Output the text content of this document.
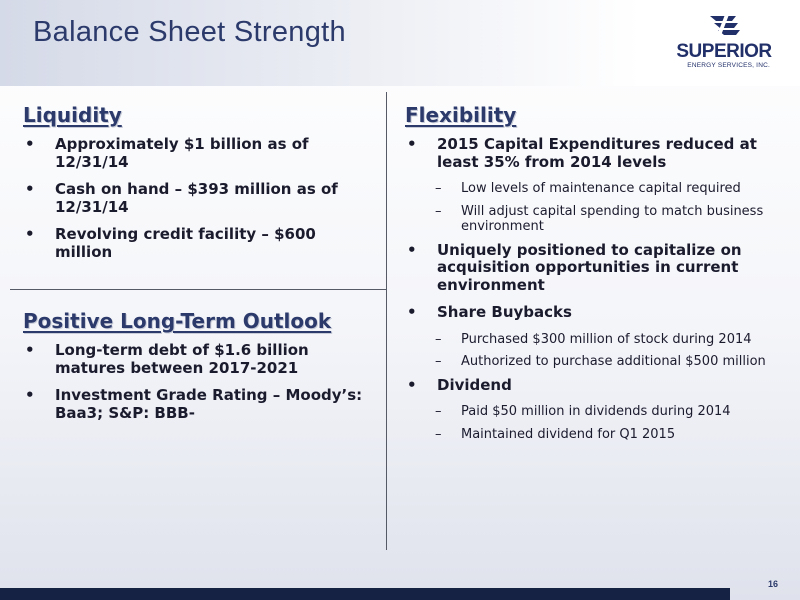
Balance Sheet Strength
SUPERIOR
ENERGY SERVICES, INC.
Liquidity
• Approximately $1 billion as of 12/31/14
• Cash on hand – $393 million as of 12/31/14
• Revolving credit facility – $600 million
Positive Long-Term Outlook
• Long-term debt of $1.6 billion matures between 2017-2021
• Investment Grade Rating – Moody’s: Baa3; S&P: BBB-
Flexibility
• 2015 Capital Expenditures reduced at least 35% from 2014 levels
– Low levels of maintenance capital required
– Will adjust capital spending to match business environment
• Uniquely positioned to capitalize on acquisition opportunities in current environment
• Share Buybacks
– Purchased $300 million of stock during 2014
– Authorized to purchase additional $500 million
• Dividend
– Paid $50 million in dividends during 2014
– Maintained dividend for Q1 2015
16
